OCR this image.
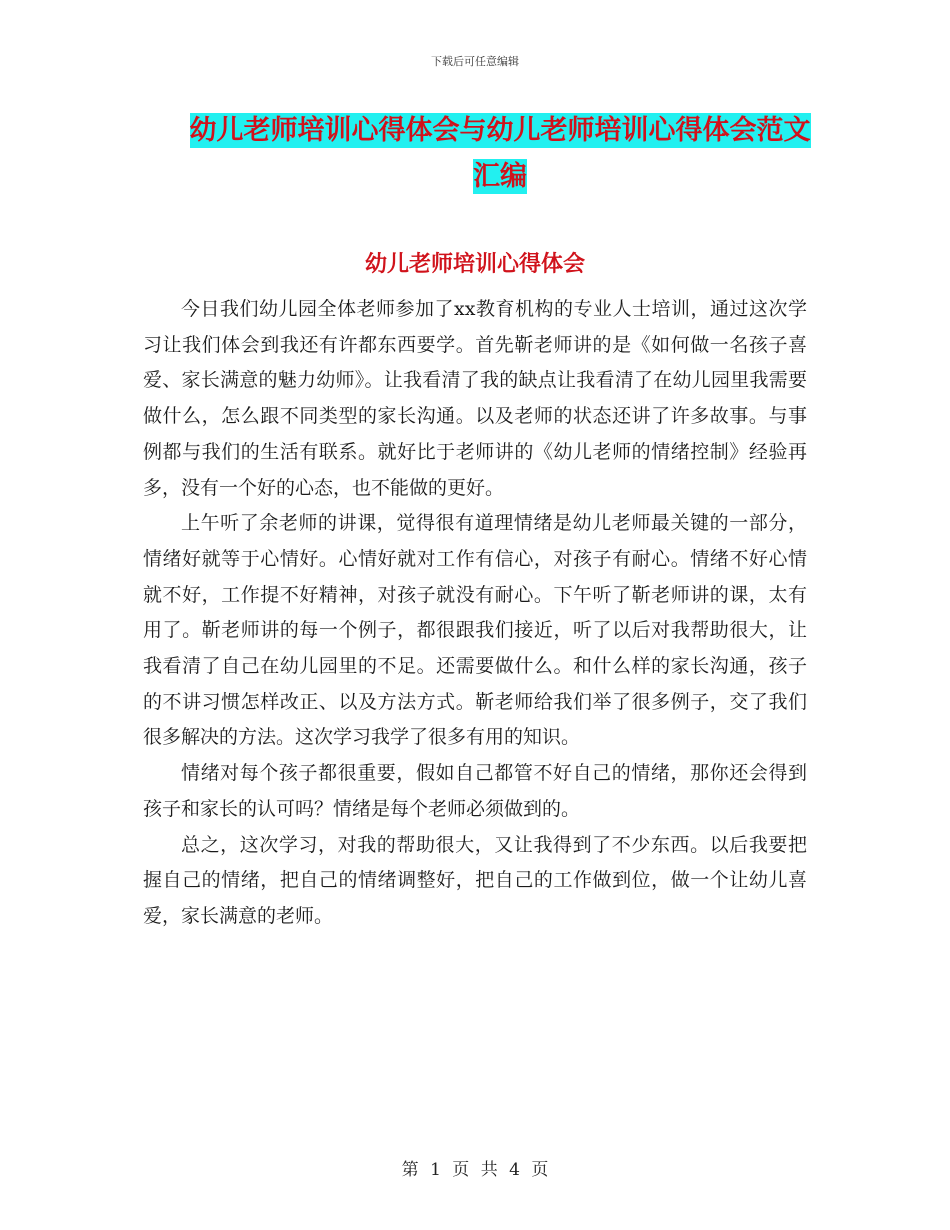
下载后可任意编辑
幼儿老师培训心得体会与幼儿老师培训心得体会范文
汇编
幼儿老师培训心得体会

今日我们幼儿园全体老师参加了xx教育机构的专业人士培训，通过这次学习让我们体会到我还有许都东西要学。首先靳老师讲的是《如何做一名孩子喜爱、家长满意的魅力幼师》。让我看清了我的缺点让我看清了在幼儿园里我需要做什么，怎么跟不同类型的家长沟通。以及老师的状态还讲了许多故事。与事例都与我们的生活有联系。就好比于老师讲的《幼儿老师的情绪控制》经验再多，没有一个好的心态，也不能做的更好。

上午听了余老师的讲课，觉得很有道理情绪是幼儿老师最关键的一部分，情绪好就等于心情好。心情好就对工作有信心，对孩子有耐心。情绪不好心情就不好，工作提不好精神，对孩子就没有耐心。下午听了靳老师讲的课，太有用了。靳老师讲的每一个例子，都很跟我们接近，听了以后对我帮助很大，让我看清了自己在幼儿园里的不足。还需要做什么。和什么样的家长沟通，孩子的不讲习惯怎样改正、以及方法方式。靳老师给我们举了很多例子，交了我们很多解决的方法。这次学习我学了很多有用的知识。

情绪对每个孩子都很重要，假如自己都管不好自己的情绪，那你还会得到孩子和家长的认可吗？情绪是每个老师必须做到的。

总之，这次学习，对我的帮助很大，又让我得到了不少东西。以后我要把握自己的情绪，把自己的情绪调整好，把自己的工作做到位，做一个让幼儿喜爱，家长满意的老师。

第 1 页 共 4 页
